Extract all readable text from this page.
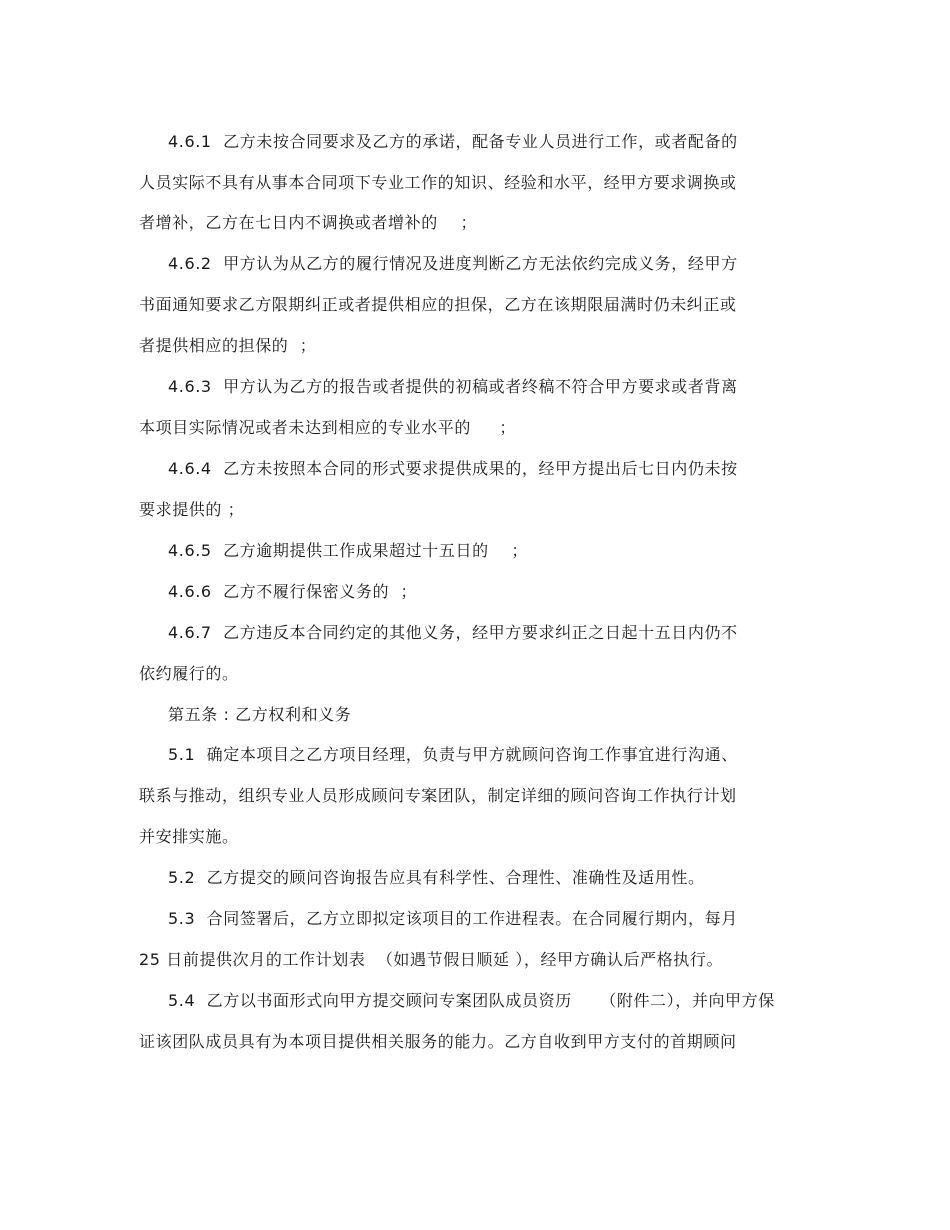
4.6.1  乙方未按合同要求及乙方的承诺，配备专业人员进行工作，或者配备的
人员实际不具有从事本合同项下专业工作的知识、经验和水平，经甲方要求调换或
者增补，乙方在七日内不调换或者增补的    ；
4.6.2  甲方认为从乙方的履行情况及进度判断乙方无法依约完成义务，经甲方
书面通知要求乙方限期纠正或者提供相应的担保，乙方在该期限届满时仍未纠正或
者提供相应的担保的  ；
4.6.3  甲方认为乙方的报告或者提供的初稿或者终稿不符合甲方要求或者背离
本项目实际情况或者未达到相应的专业水平的     ；
4.6.4  乙方未按照本合同的形式要求提供成果的，经甲方提出后七日内仍未按
要求提供的 ；
4.6.5  乙方逾期提供工作成果超过十五日的    ；
4.6.6  乙方不履行保密义务的  ；
4.6.7  乙方违反本合同约定的其他义务，经甲方要求纠正之日起十五日内仍不
依约履行的。
第五条 : 乙方权利和义务
5.1  确定本项目之乙方项目经理，负责与甲方就顾问咨询工作事宜进行沟通、
联系与推动，组织专业人员形成顾问专案团队，制定详细的顾问咨询工作执行计划
并安排实施。
5.2  乙方提交的顾问咨询报告应具有科学性、合理性、准确性及适用性。
5.3  合同签署后，乙方立即拟定该项目的工作进程表。在合同履行期内，每月
25 日前提供次月的工作计划表  （如遇节假日顺延 ），经甲方确认后严格执行。
5.4  乙方以书面形式向甲方提交顾问专案团队成员资历     （附件二），并向甲方保
证该团队成员具有为本项目提供相关服务的能力。乙方自收到甲方支付的首期顾问
